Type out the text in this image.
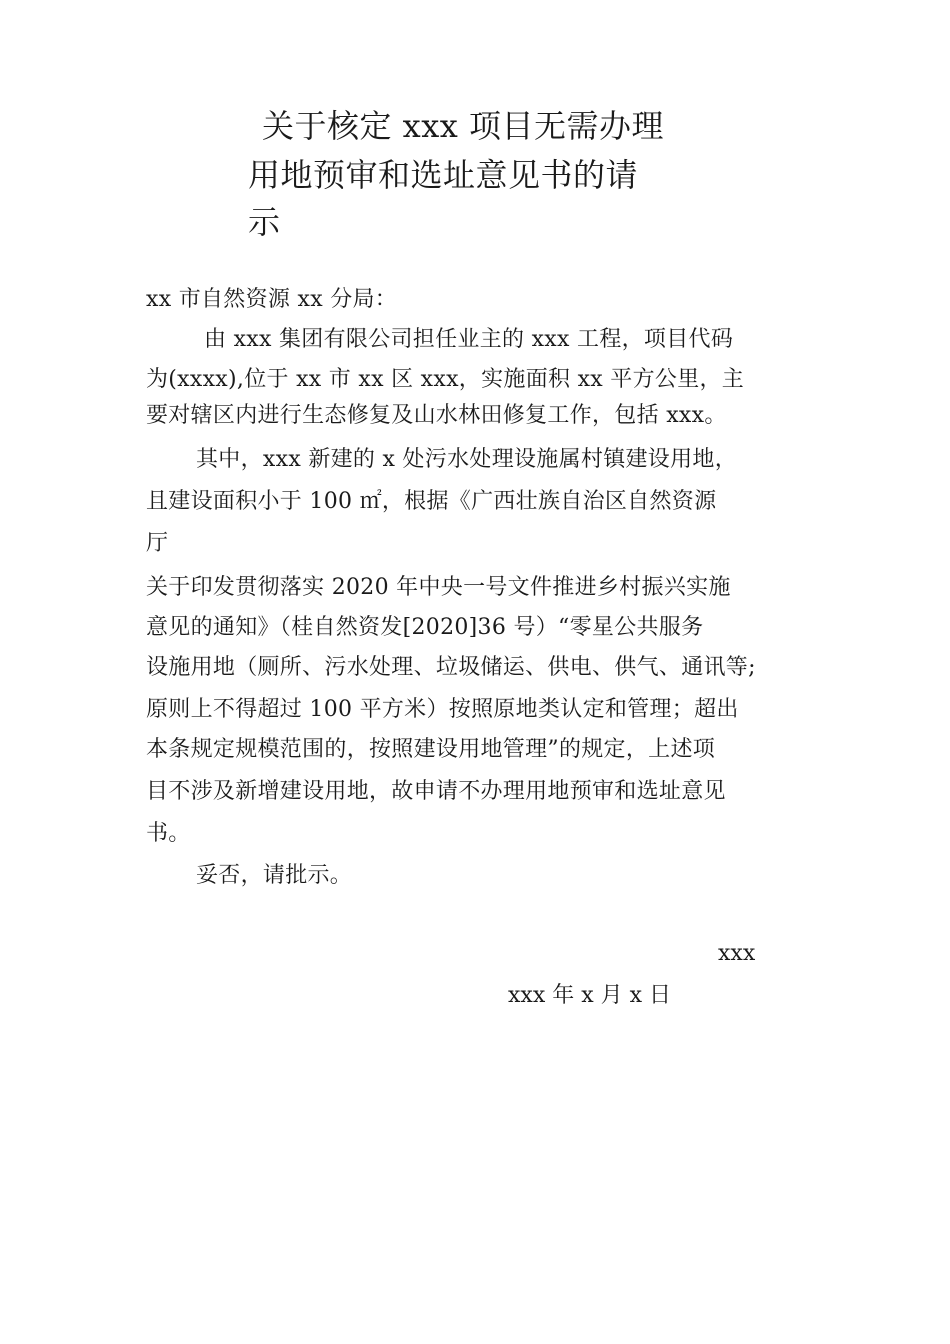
关于核定 xxx 项目无需办理
用地预审和选址意见书的请
示

xx 市自然资源 xx 分局：

由 xxx 集团有限公司担任业主的 xxx 工程，项目代码

为(xxxx),位于 xx 市 xx 区 xxx，实施面积 xx 平方公里，主

要对辖区内进行生态修复及山水林田修复工作，包括 xxx。

其中，xxx 新建的 x 处污水处理设施属村镇建设用地，

且建设面积小于 100 ㎡，根据《广西壮族自治区自然资源

厅

关于印发贯彻落实 2020 年中央一号文件推进乡村振兴实施

意见的通知》（桂自然资发[2020]36 号）“零星公共服务

设施用地（厕所、污水处理、垃圾储运、供电、供气、通讯等;

原则上不得超过 100 平方米）按照原地类认定和管理；超出

本条规定规模范围的，按照建设用地管理”的规定，上述项

目不涉及新增建设用地，故申请不办理用地预审和选址意见

书。

妥否，请批示。

xxx

xxx 年 x 月 x 日
